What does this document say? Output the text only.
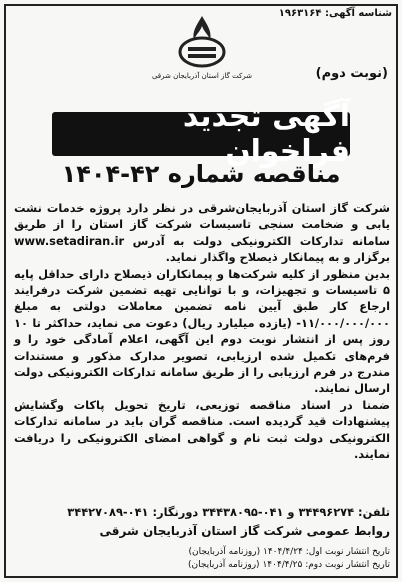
شناسه آگهی: ۱۹۶۳۱۶۴
شرکت گاز استان آذربایجان شرقی	(نوبت دوم)
آگهی تجدید فراخوان
مناقصه شماره ۴۲-۱۴۰۴

شرکت گاز استان آذربایجان‌شرقی در نظر دارد پروژه خدمات نشت یابی و ضخامت سنجی تاسیسات شرکت گاز استان را از طریق سامانه تدارکات الکترونیکی دولت به آدرس www.setadiran.ir برگزار و به پیمانکار ذیصلاح واگذار نماید.

بدین منظور از کلیه شرکت‌ها و پیمانکاران ذیصلاح دارای حداقل پایه ۵ تاسیسات و تجهیزات، و با توانایی تهیه تضمین شرکت درفرایند ارجاع کار طبق آیین نامه تضمین معاملات دولتی به مبلغ ۱۱/۰۰۰/۰۰۰/۰۰۰- (یازده میلیارد ریال) دعوت می نماید، حداکثر تا ۱۰ روز پس از انتشار نوبت دوم این آگهی، اعلام آمادگی خود را و فرم‌های تکمیل شده ارزیابی، تصویر مدارک مذکور و مستندات مندرج در فرم ارزیابی را از طریق سامانه تدارکات الکترونیکی دولت ارسال نمایند.

ضمنا در اسناد مناقصه توزیعی، تاریخ تحویل پاکات وگشایش پیشنهادات قید گردیده است. مناقصه گران باید در سامانه تدارکات الکترونیکی دولت ثبت نام و گواهی امضای الکترونیکی را دریافت نمایند.

تلفن: ۳۴۴۹۶۲۷۴ و ۰۴۱-۳۴۴۳۸۰۹۵ دورنگار: ۰۴۱-۳۴۴۲۷۰۸۹
روابط عمومی شرکت گاز استان آذربایجان شرقی
تاریخ انتشار نوبت اول: ۱۴۰۴/۴/۲۴ (روزنامه آذربایجان)
تاریخ انتشار نوبت دوم: ۱۴۰۴/۴/۲۵ (روزنامه آذربایجان)
